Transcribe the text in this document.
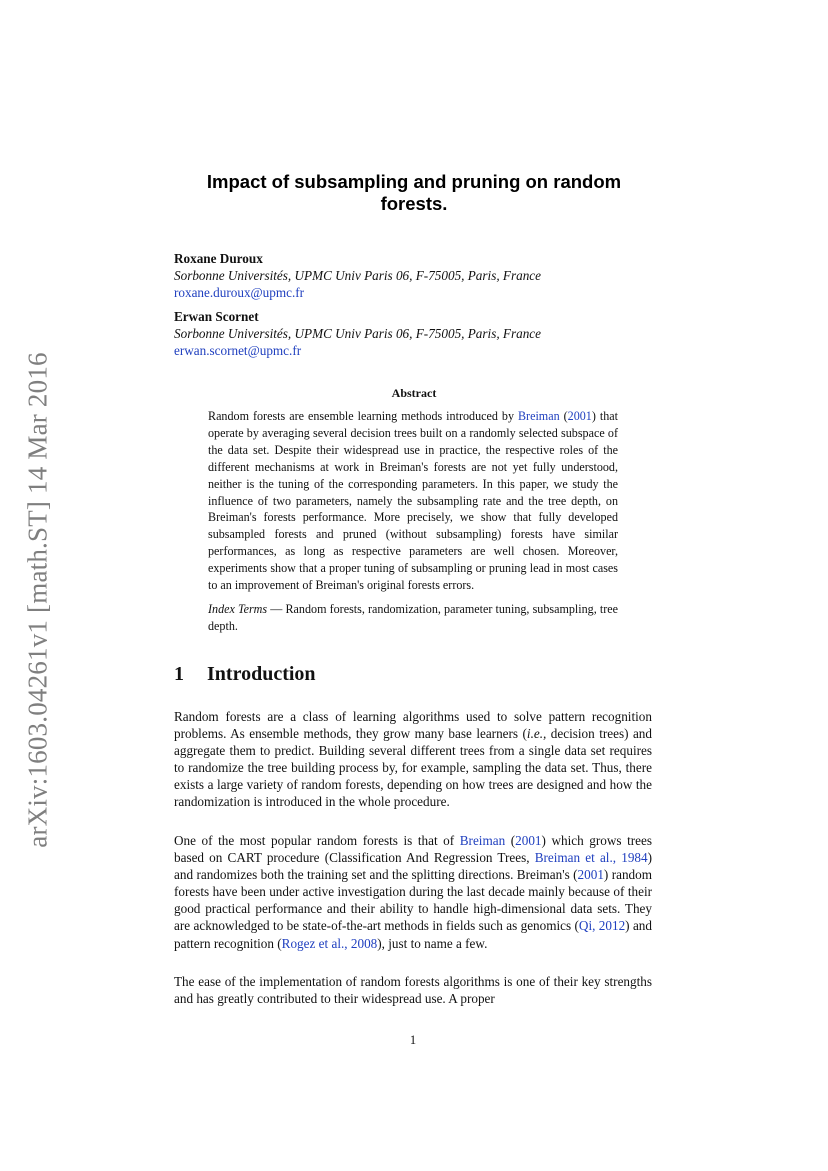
arXiv:1603.04261v1 [math.ST] 14 Mar 2016
Impact of subsampling and pruning on random forests.
Roxane Duroux
Sorbonne Universités, UPMC Univ Paris 06, F-75005, Paris, France
roxane.duroux@upmc.fr
Erwan Scornet
Sorbonne Universités, UPMC Univ Paris 06, F-75005, Paris, France
erwan.scornet@upmc.fr
Abstract

Random forests are ensemble learning methods introduced by Breiman (2001) that operate by averaging several decision trees built on a randomly selected subspace of the data set. Despite their widespread use in practice, the respective roles of the different mechanisms at work in Breiman's forests are not yet fully understood, neither is the tuning of the corresponding parameters. In this paper, we study the influence of two parameters, namely the subsampling rate and the tree depth, on Breiman's forests performance. More precisely, we show that fully developed subsampled forests and pruned (without subsampling) forests have similar performances, as long as respective parameters are well chosen. Moreover, experiments show that a proper tuning of subsampling or pruning lead in most cases to an improvement of Breiman's original forests errors.

Index Terms — Random forests, randomization, parameter tuning, subsampling, tree depth.

1 Introduction

Random forests are a class of learning algorithms used to solve pattern recognition problems. As ensemble methods, they grow many base learners (i.e., decision trees) and aggregate them to predict. Building several different trees from a single data set requires to randomize the tree building process by, for example, sampling the data set. Thus, there exists a large variety of random forests, depending on how trees are designed and how the randomization is introduced in the whole procedure.

One of the most popular random forests is that of Breiman (2001) which grows trees based on CART procedure (Classification And Regression Trees, Breiman et al., 1984) and randomizes both the training set and the splitting directions. Breiman's (2001) random forests have been under active investigation during the last decade mainly because of their good practical performance and their ability to handle high-dimensional data sets. They are acknowledged to be state-of-the-art methods in fields such as genomics (Qi, 2012) and pattern recognition (Rogez et al., 2008), just to name a few.

The ease of the implementation of random forests algorithms is one of their key strengths and has greatly contributed to their widespread use. A proper

1
